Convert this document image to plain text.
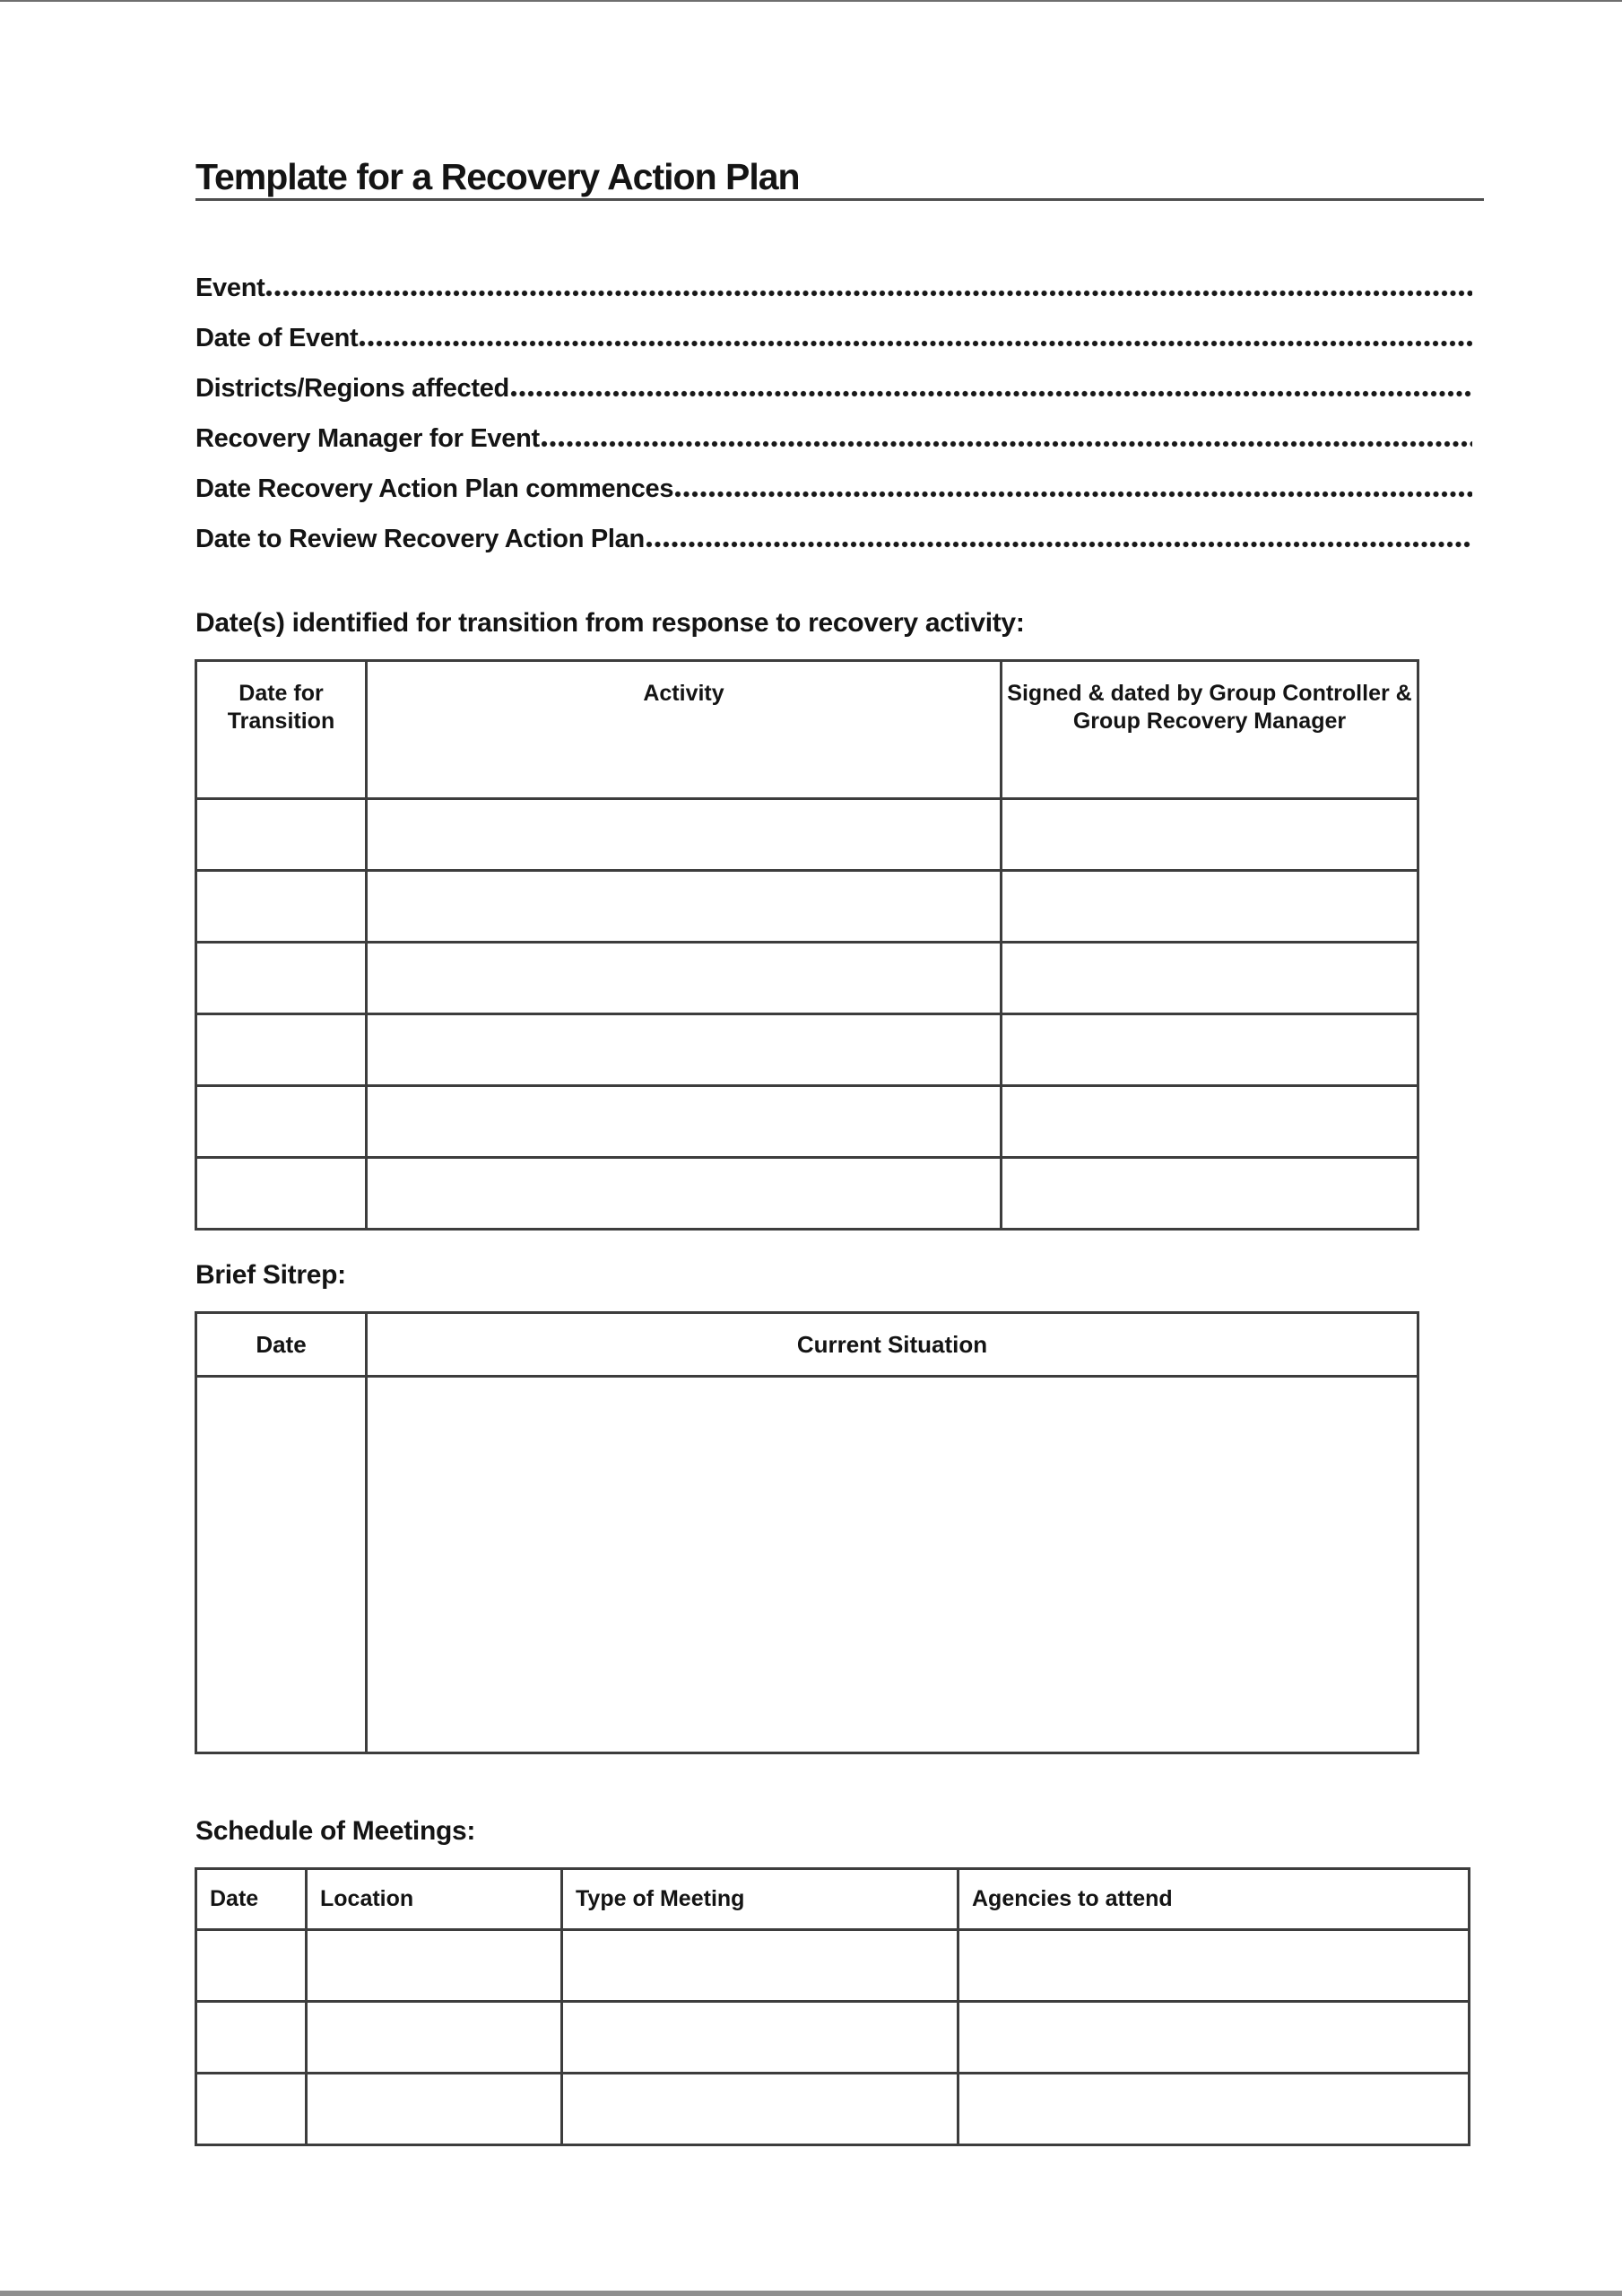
Template for a Recovery Action Plan
Event
Date of Event
Districts/Regions affected
Recovery Manager for Event
Date Recovery Action Plan commences
Date to Review Recovery Action Plan
Date(s) identified for transition from response to recovery activity:
Date for Transition	Activity	Signed & dated by Group Controller & Group Recovery Manager

Brief Sitrep:
Date	Current Situation

Schedule of Meetings:
Date	Location	Type of Meeting	Agencies to attend
